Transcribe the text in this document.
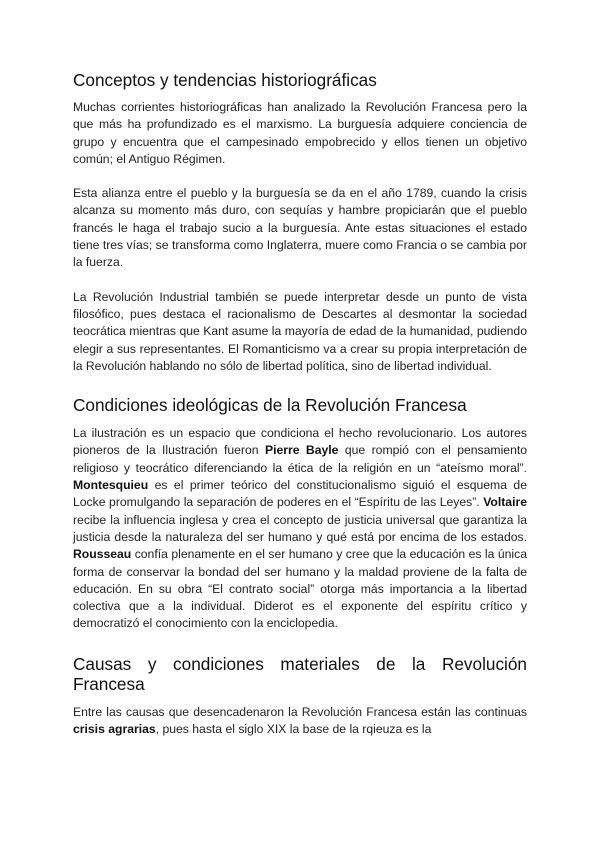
Conceptos y tendencias historiográficas

Muchas corrientes historiográficas han analizado la Revolución Francesa pero la que más ha profundizado es el marxismo. La burguesía adquiere conciencia de grupo y encuentra que el campesinado empobrecido y ellos tienen un objetivo común; el Antiguo Régimen.

Esta alianza entre el pueblo y la burguesía se da en el año 1789, cuando la crisis alcanza su momento más duro, con sequías y hambre propiciarán que el pueblo francés le haga el trabajo sucio a la burguesía. Ante estas situaciones el estado tiene tres vías; se transforma como Inglaterra, muere como Francia o se cambia por la fuerza.

La Revolución Industrial también se puede interpretar desde un punto de vista filosófico, pues destaca el racionalismo de Descartes al desmontar la sociedad teocrática mientras que Kant asume la mayoría de edad de la humanidad, pudiendo elegir a sus representantes. El Romanticismo va a crear su propia interpretación de la Revolución hablando no sólo de libertad política, sino de libertad individual.

Condiciones ideológicas de la Revolución Francesa

La ilustración es un espacio que condiciona el hecho revolucionario. Los autores pioneros de la Ilustración fueron Pierre Bayle que rompió con el pensamiento religioso y teocrático diferenciando la ética de la religión en un “ateísmo moral”. Montesquieu es el primer teórico del constitucionalismo siguió el esquema de Locke promulgando la separación de poderes en el “Espíritu de las Leyes”. Voltaire recibe la influencia inglesa y crea el concepto de justicia universal que garantiza la justicia desde la naturaleza del ser humano y qué está por encima de los estados. Rousseau confía plenamente en el ser humano y cree que la educación es la única forma de conservar la bondad del ser humano y la maldad proviene de la falta de educación. En su obra “El contrato social” otorga más importancia a la libertad colectiva que a la individual. Diderot es el exponente del espíritu crítico y democratizó el conocimiento con la enciclopedia.

Causas y condiciones materiales de la Revolución Francesa

Entre las causas que desencadenaron la Revolución Francesa están las continuas crisis agrarias, pues hasta el siglo XIX la base de la rqieuza es la
